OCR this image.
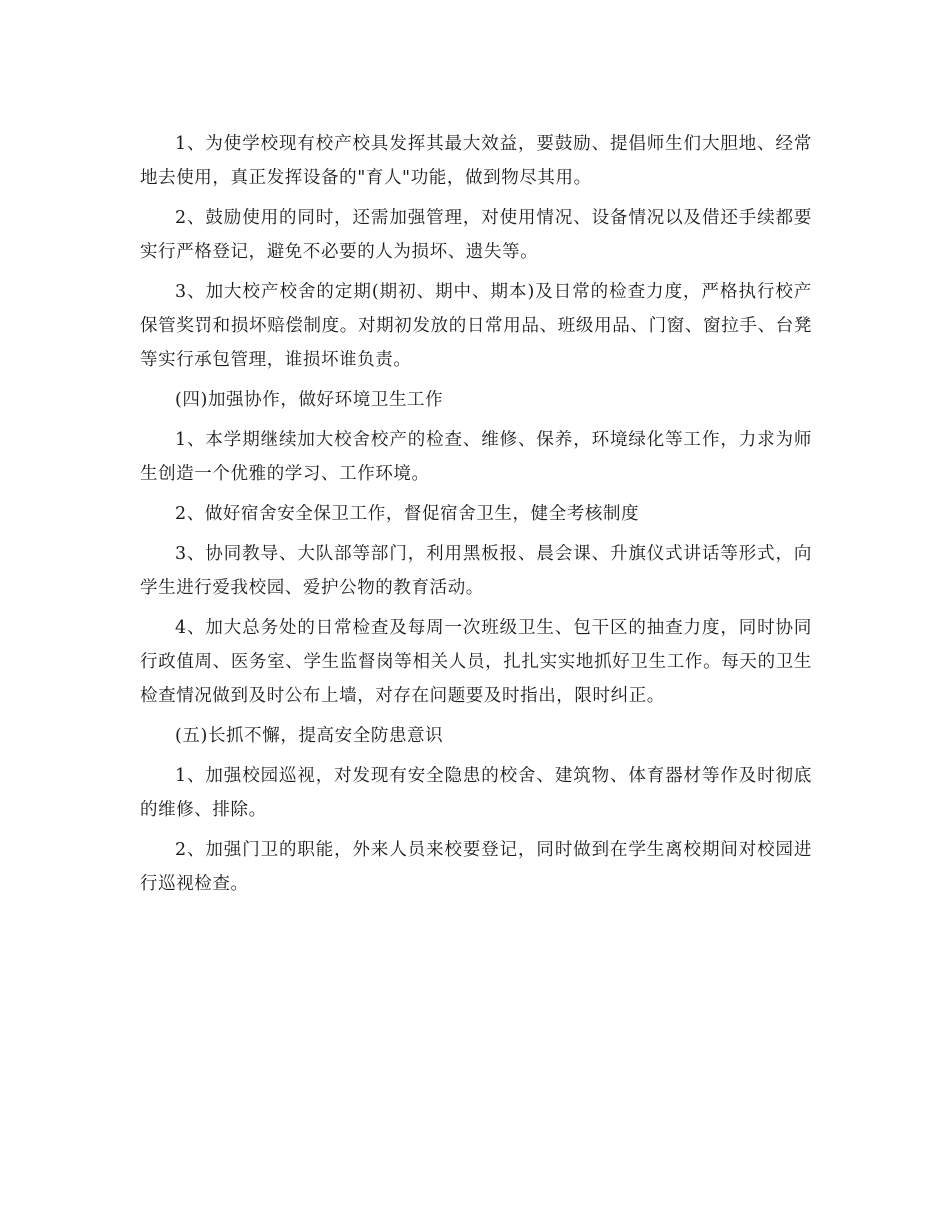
1、为使学校现有校产校具发挥其最大效益，要鼓励、提倡师生们大胆地、经常地去使用，真正发挥设备的"育人"功能，做到物尽其用。

2、鼓励使用的同时，还需加强管理，对使用情况、设备情况以及借还手续都要实行严格登记，避免不必要的人为损坏、遗失等。

3、加大校产校舍的定期(期初、期中、期本)及日常的检查力度，严格执行校产保管奖罚和损坏赔偿制度。对期初发放的日常用品、班级用品、门窗、窗拉手、台凳等实行承包管理，谁损坏谁负责。

(四)加强协作，做好环境卫生工作

1、本学期继续加大校舍校产的检查、维修、保养，环境绿化等工作，力求为师生创造一个优雅的学习、工作环境。

2、做好宿舍安全保卫工作，督促宿舍卫生，健全考核制度

3、协同教导、大队部等部门，利用黑板报、晨会课、升旗仪式讲话等形式，向学生进行爱我校园、爱护公物的教育活动。

4、加大总务处的日常检查及每周一次班级卫生、包干区的抽查力度，同时协同行政值周、医务室、学生监督岗等相关人员，扎扎实实地抓好卫生工作。每天的卫生检查情况做到及时公布上墙，对存在问题要及时指出，限时纠正。

(五)长抓不懈，提高安全防患意识

1、加强校园巡视，对发现有安全隐患的校舍、建筑物、体育器材等作及时彻底的维修、排除。

2、加强门卫的职能，外来人员来校要登记，同时做到在学生离校期间对校园进行巡视检查。
